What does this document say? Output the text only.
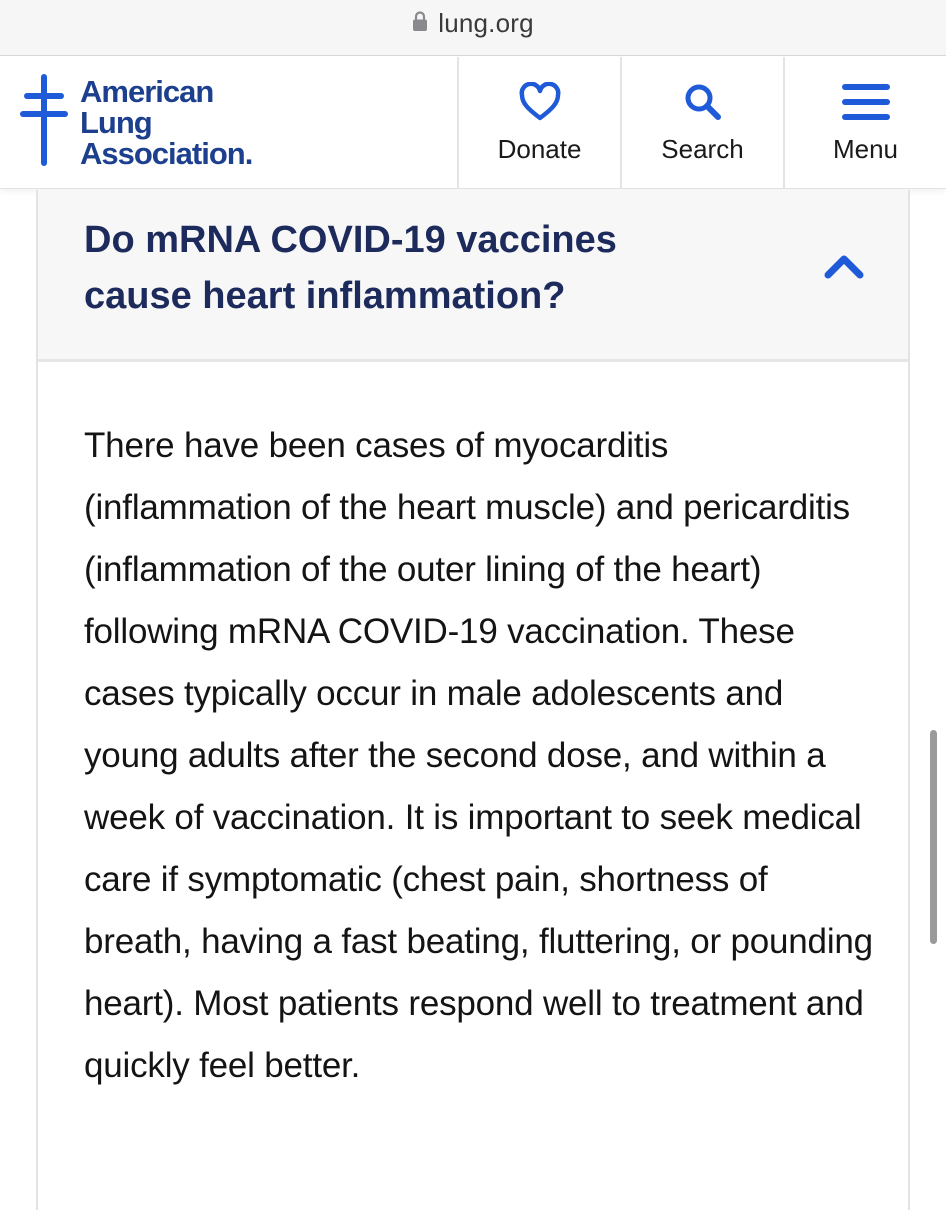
lung.org
American
Lung
Association.	Donate	Search	Menu
Do mRNA COVID-19 vaccines cause heart inflammation?

There have been cases of myocarditis (inflammation of the heart muscle) and pericarditis (inflammation of the outer lining of the heart) following mRNA COVID-19 vaccination. These cases typically occur in male adolescents and young adults after the second dose, and within a week of vaccination. It is important to seek medical care if symptomatic (chest pain, shortness of breath, having a fast beating, fluttering, or pounding heart). Most patients respond well to treatment and quickly feel better.
